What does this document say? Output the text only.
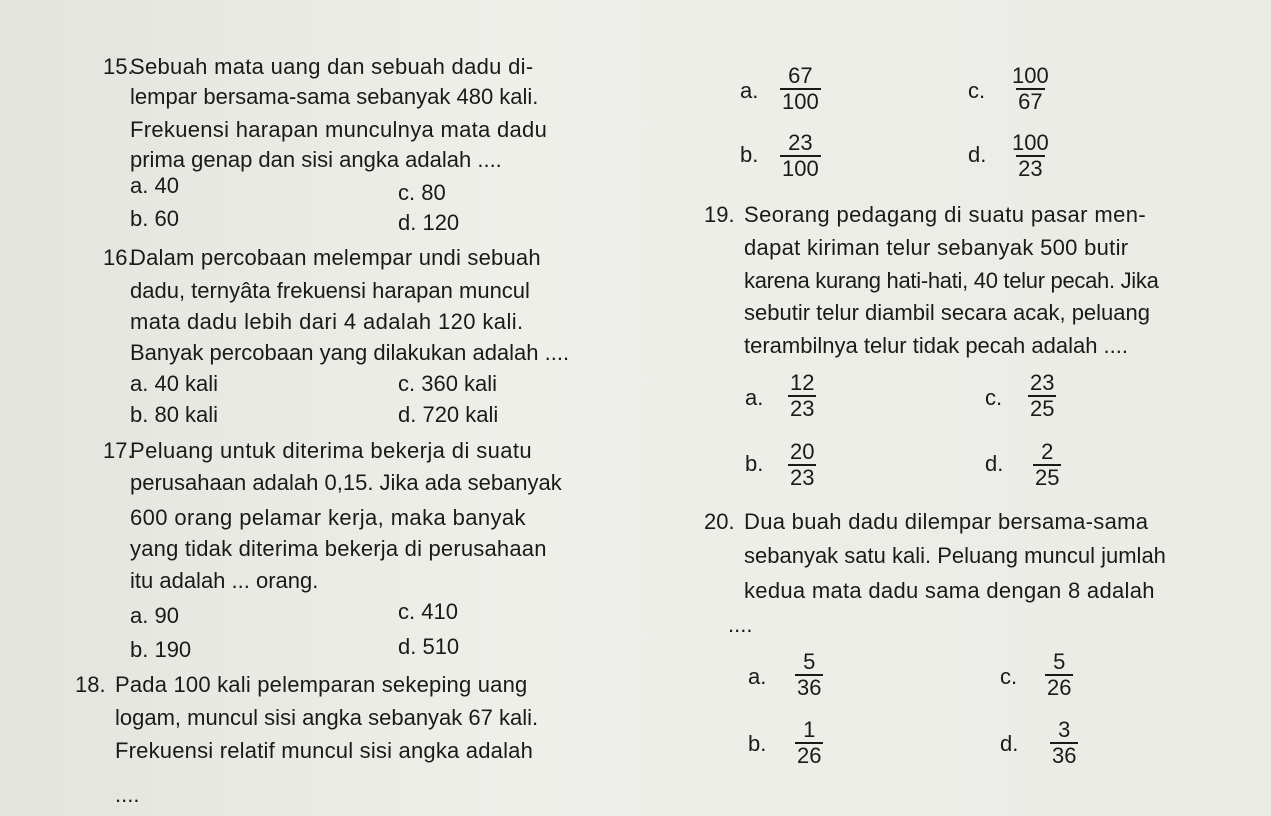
15.
Sebuah mata uang dan sebuah dadu di-
lempar bersama-sama sebanyak 480 kali.
Frekuensi harapan munculnya mata dadu
prima genap dan sisi angka adalah ....
a. 40	c. 80
b. 60	d. 120
16.
Dalam percobaan melempar undi sebuah
dadu, ternyâta frekuensi harapan muncul
mata dadu lebih dari 4 adalah 120 kali.
Banyak percobaan yang dilakukan adalah ....
a. 40 kali	c. 360 kali
b. 80 kali	d. 720 kali
17.
Peluang untuk diterima bekerja di suatu
perusahaan adalah 0,15. Jika ada sebanyak
600 orang pelamar kerja, maka banyak
yang tidak diterima bekerja di perusahaan
itu adalah ... orang.
a. 90	c. 410
b. 190	d. 510
18. Pada 100 kali pelemparan sekeping uang
logam, muncul sisi angka sebanyak 67 kali.
Frekuensi relatif muncul sisi angka adalah
....
a. $\frac{67}{100}$	c. $\frac{100}{67}$
b. $\frac{23}{100}$	d. $\frac{100}{23}$
19. Seorang pedagang di suatu pasar men-
dapat kiriman telur sebanyak 500 butir
karena kurang hati-hati, 40 telur pecah. Jika
sebutir telur diambil secara acak, peluang
terambilnya telur tidak pecah adalah ....
a. $\frac{12}{23}$	c. $\frac{23}{25}$
b. $\frac{20}{23}$	d. $\frac{2}{25}$
20. Dua buah dadu dilempar bersama-sama
sebanyak satu kali. Peluang muncul jumlah
kedua mata dadu sama dengan 8 adalah
....
a. $\frac{5}{36}$	c. $\frac{5}{26}$
b. $\frac{1}{26}$	d. $\frac{3}{36}$
